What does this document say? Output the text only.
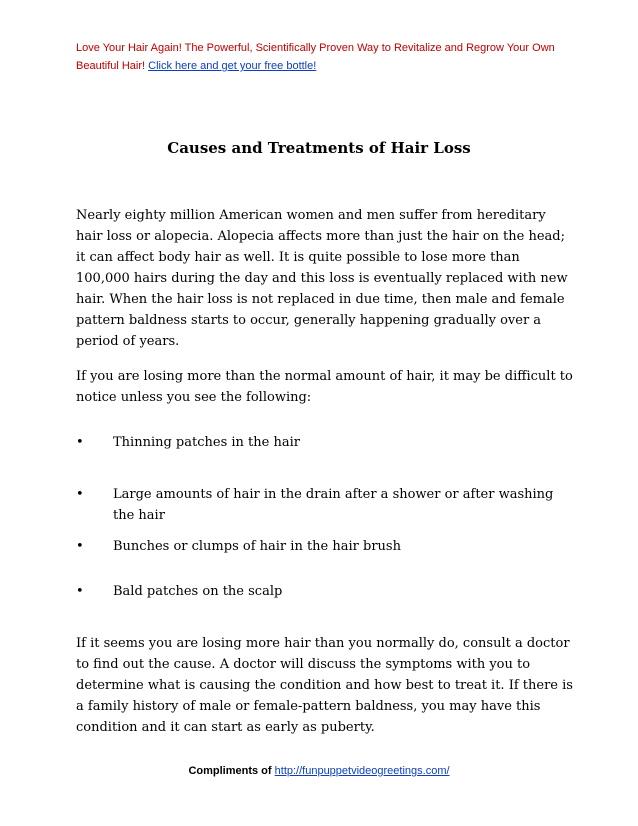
Love Your Hair Again! The Powerful, Scientifically Proven Way to Revitalize and Regrow Your Own Beautiful Hair! Click here and get your free bottle!
Causes and Treatments of Hair Loss

Nearly eighty million American women and men suffer from hereditary hair loss or alopecia. Alopecia affects more than just the hair on the head; it can affect body hair as well. It is quite possible to lose more than 100,000 hairs during the day and this loss is eventually replaced with new hair. When the hair loss is not replaced in due time, then male and female pattern baldness starts to occur, generally happening gradually over a period of years.

If you are losing more than the normal amount of hair, it may be difficult to notice unless you see the following:

•	Thinning patches in the hair
•	Large amounts of hair in the drain after a shower or after washing the hair
•	Bunches or clumps of hair in the hair brush
•	Bald patches on the scalp

If it seems you are losing more hair than you normally do, consult a doctor to find out the cause. A doctor will discuss the symptoms with you to determine what is causing the condition and how best to treat it. If there is a family history of male or female-pattern baldness, you may have this condition and it can start as early as puberty.

Compliments of http://funpuppetvideogreetings.com/
